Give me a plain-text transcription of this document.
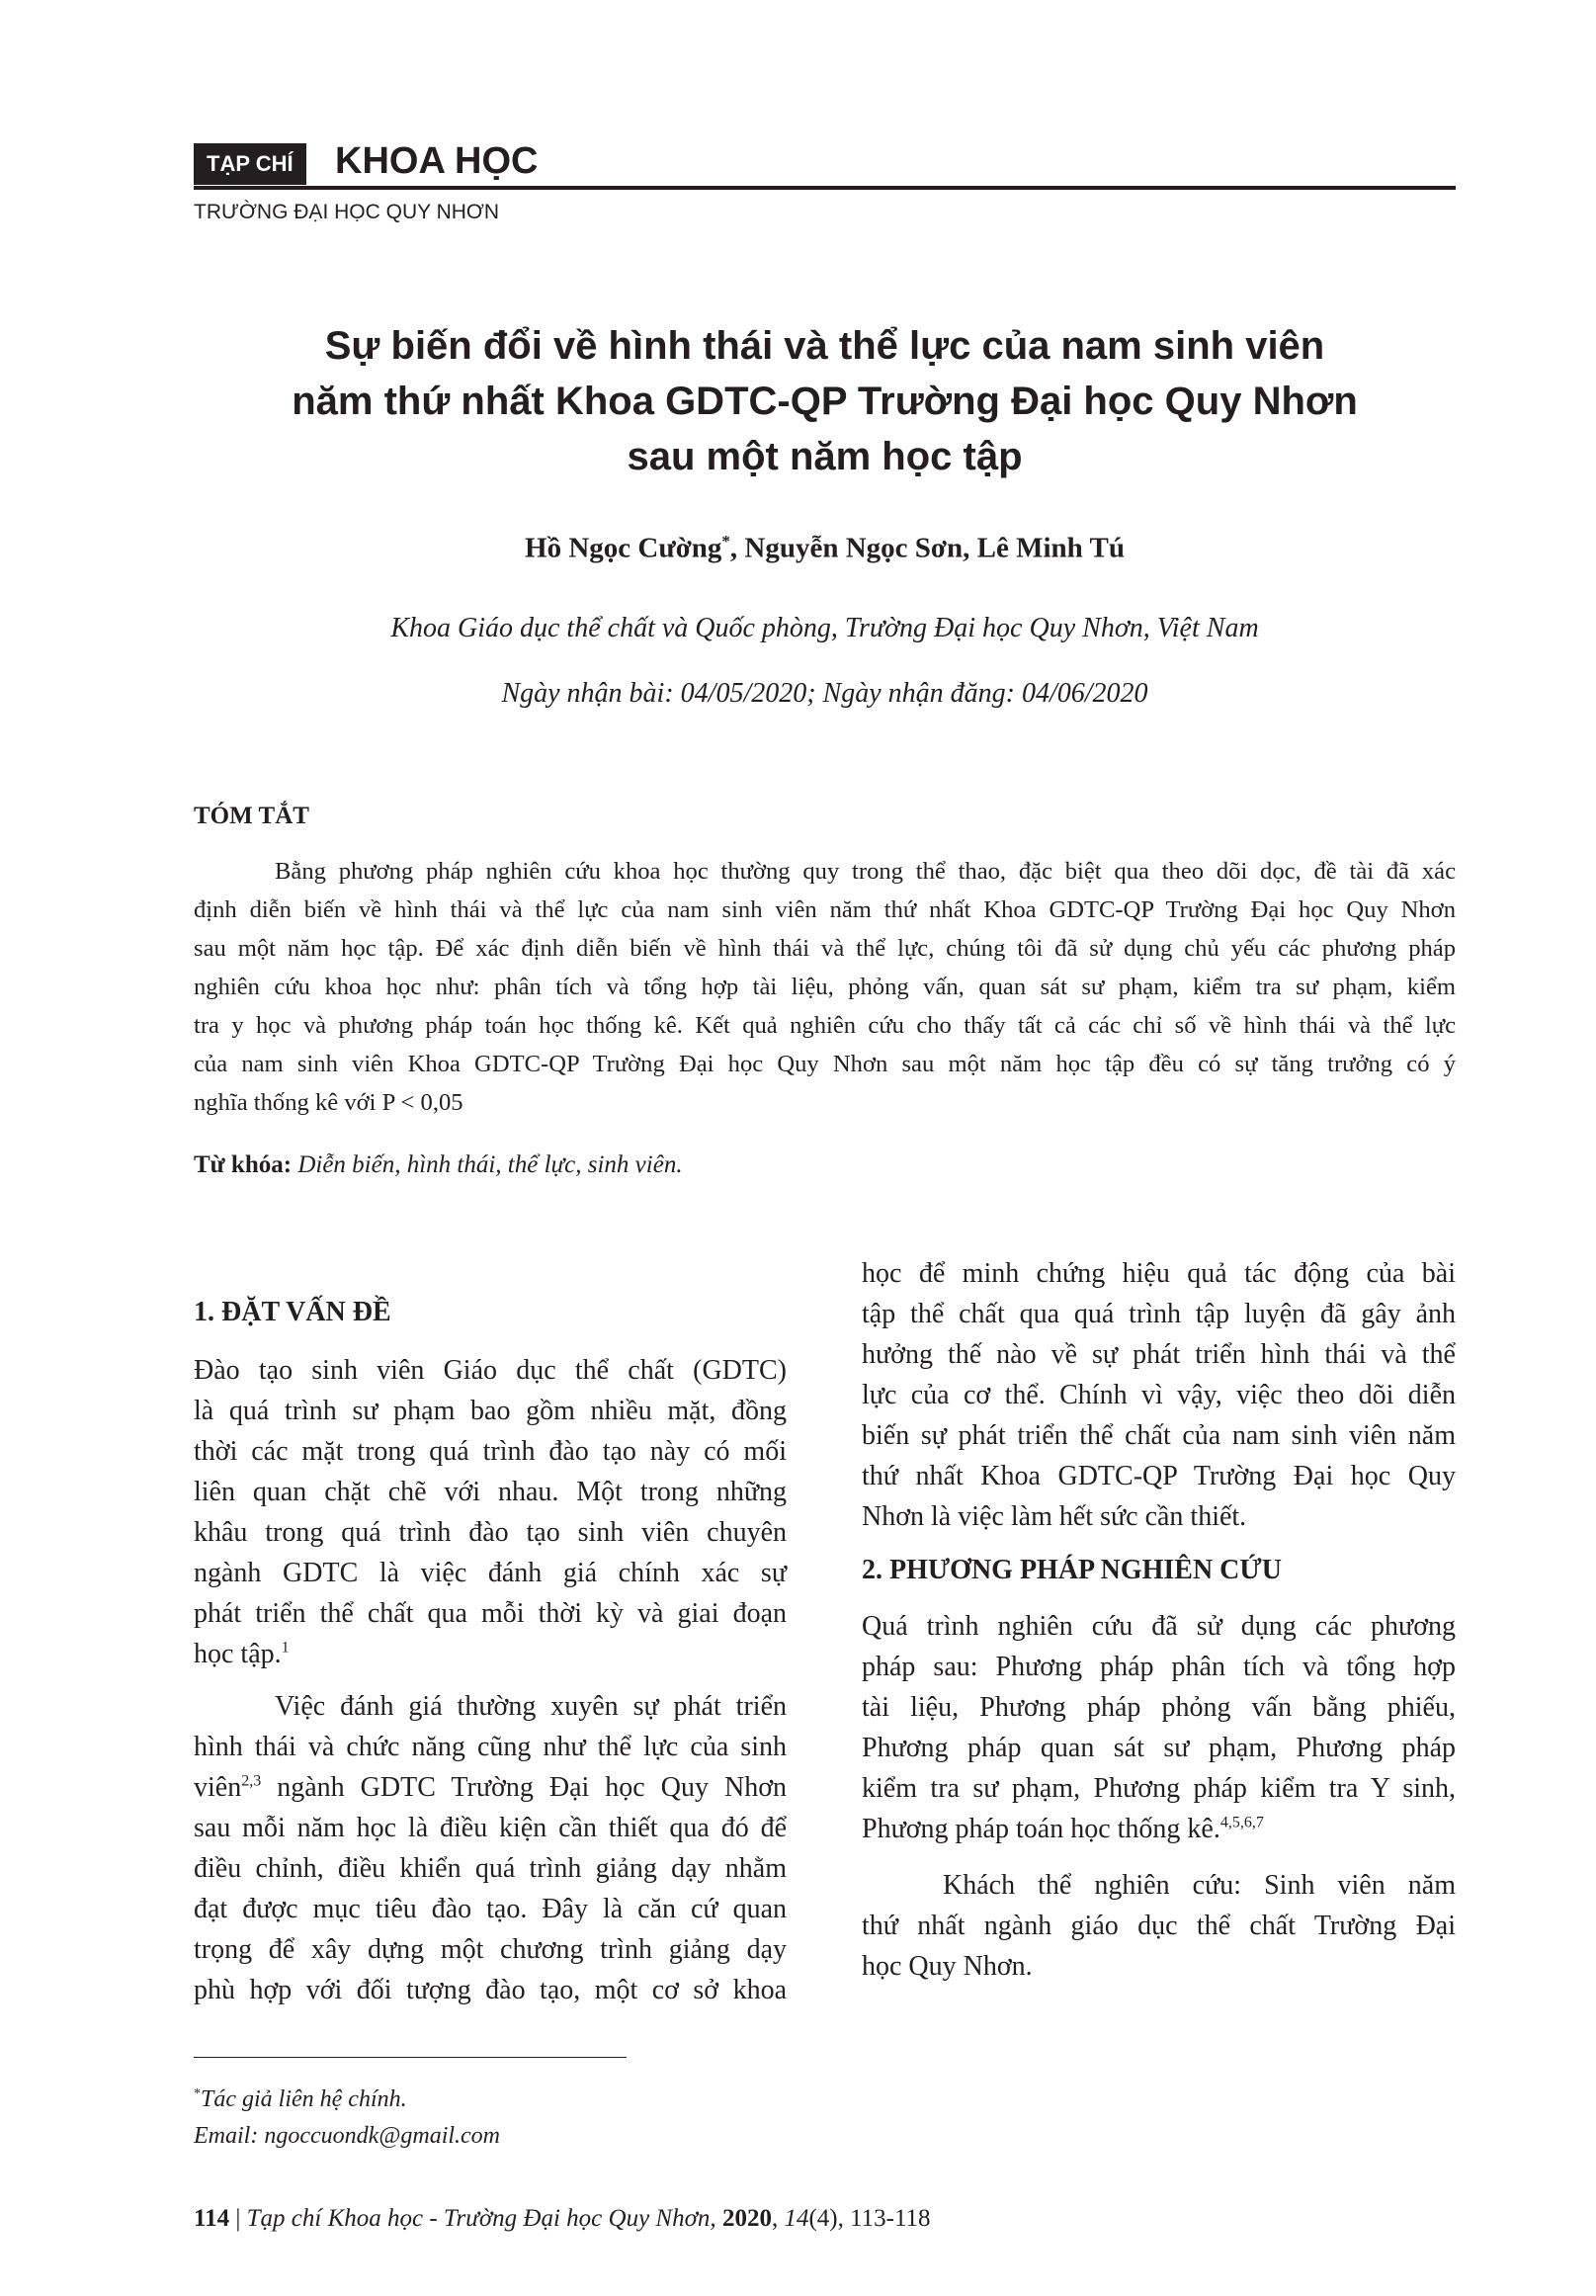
TẠP CHÍ	KHOA HỌC
TRƯỜNG ĐẠI HỌC QUY NHƠN
Sự biến đổi về hình thái và thể lực của nam sinh viên
năm thứ nhất Khoa GDTC-QP Trường Đại học Quy Nhơn
sau một năm học tập
Hồ Ngọc Cường*, Nguyễn Ngọc Sơn, Lê Minh Tú
Khoa Giáo dục thể chất và Quốc phòng, Trường Đại học Quy Nhơn, Việt Nam
Ngày nhận bài: 04/05/2020; Ngày nhận đăng: 04/06/2020
TÓM TẮT
Bằng phương pháp nghiên cứu khoa học thường quy trong thể thao, đặc biệt qua theo dõi dọc, đề tài đã xác
định diễn biến về hình thái và thể lực của nam sinh viên năm thứ nhất Khoa GDTC-QP Trường Đại học Quy Nhơn
sau một năm học tập. Để xác định diễn biến về hình thái và thể lực, chúng tôi đã sử dụng chủ yếu các phương pháp
nghiên cứu khoa học như: phân tích và tổng hợp tài liệu, phỏng vấn, quan sát sư phạm, kiểm tra sư phạm, kiểm
tra y học và phương pháp toán học thống kê. Kết quả nghiên cứu cho thấy tất cả các chỉ số về hình thái và thể lực
của nam sinh viên Khoa GDTC-QP Trường Đại học Quy Nhơn sau một năm học tập đều có sự tăng trưởng có ý
nghĩa thống kê với P < 0,05
Từ khóa: Diễn biến, hình thái, thể lực, sinh viên.
1. ĐẶT VẤN ĐỀ
Đào tạo sinh viên Giáo dục thể chất (GDTC)
là quá trình sư phạm bao gồm nhiều mặt, đồng
thời các mặt trong quá trình đào tạo này có mối
liên quan chặt chẽ với nhau. Một trong những
khâu trong quá trình đào tạo sinh viên chuyên
ngành GDTC là việc đánh giá chính xác sự
phát triển thể chất qua mỗi thời kỳ và giai đoạn
học tập.$^1$
Việc đánh giá thường xuyên sự phát triển
hình thái và chức năng cũng như thể lực của sinh
viên$^{2,3}$ ngành GDTC Trường Đại học Quy Nhơn
sau mỗi năm học là điều kiện cần thiết qua đó để
điều chỉnh, điều khiển quá trình giảng dạy nhằm
đạt được mục tiêu đào tạo. Đây là căn cứ quan
trọng để xây dựng một chương trình giảng dạy
phù hợp với đối tượng đào tạo, một cơ sở khoa
học để minh chứng hiệu quả tác động của bài
tập thể chất qua quá trình tập luyện đã gây ảnh
hưởng thế nào về sự phát triển hình thái và thể
lực của cơ thể. Chính vì vậy, việc theo dõi diễn
biến sự phát triển thể chất của nam sinh viên năm
thứ nhất Khoa GDTC-QP Trường Đại học Quy
Nhơn là việc làm hết sức cần thiết.
2. PHƯƠNG PHÁP NGHIÊN CỨU
Quá trình nghiên cứu đã sử dụng các phương
pháp sau: Phương pháp phân tích và tổng hợp
tài liệu, Phương pháp phỏng vấn bằng phiếu,
Phương pháp quan sát sư phạm, Phương pháp
kiểm tra sư phạm, Phương pháp kiểm tra Y sinh,
Phương pháp toán học thống kê.$^{4,5,6,7}$
Khách thể nghiên cứu: Sinh viên năm
thứ nhất ngành giáo dục thể chất Trường Đại
học Quy Nhơn.
*Tác giả liên hệ chính.
Email: ngoccuondk@gmail.com
114 | Tạp chí Khoa học - Trường Đại học Quy Nhơn, 2020, 14(4), 113-118
